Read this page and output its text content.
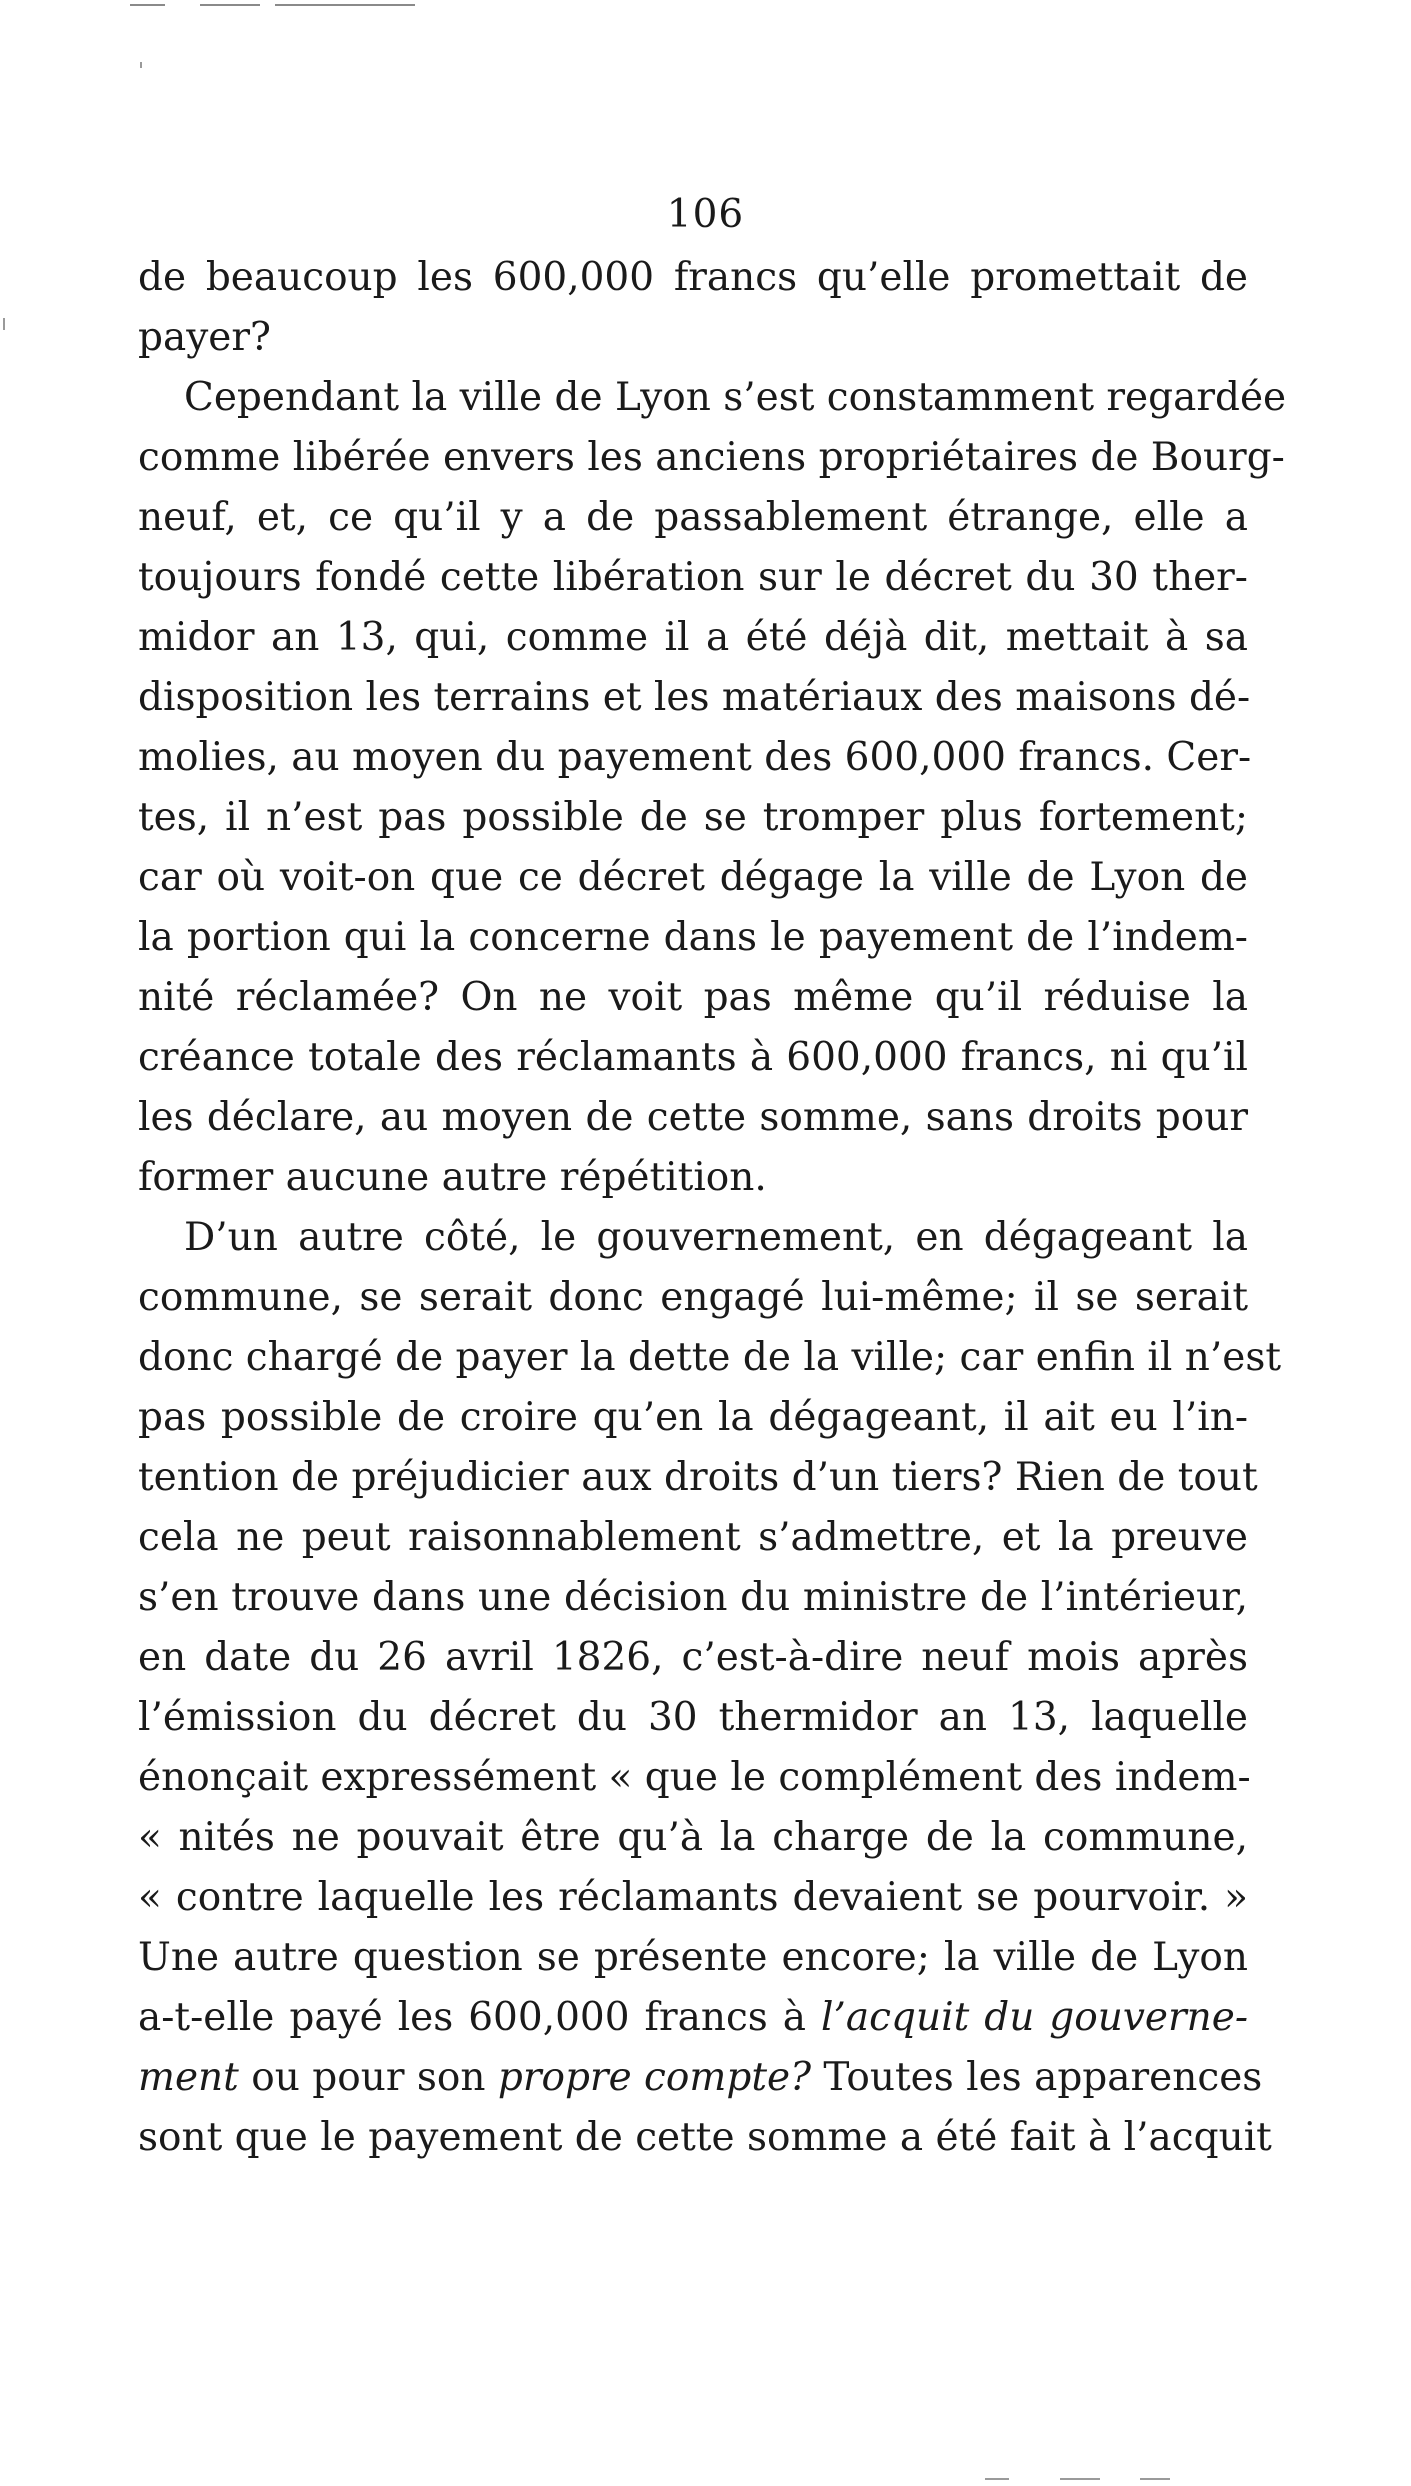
106
de beaucoup les 600,000 francs qu’elle promettait de
payer?
Cependant la ville de Lyon s’est constamment regardée
comme libérée envers les anciens propriétaires de Bourg-
neuf, et, ce qu’il y a de passablement étrange, elle a
toujours fondé cette libération sur le décret du 30 ther-
midor an 13, qui, comme il a été déjà dit, mettait à sa
disposition les terrains et les matériaux des maisons dé-
molies, au moyen du payement des 600,000 francs. Cer-
tes, il n’est pas possible de se tromper plus fortement;
car où voit-on que ce décret dégage la ville de Lyon de
la portion qui la concerne dans le payement de l’indem-
nité réclamée? On ne voit pas même qu’il réduise la
créance totale des réclamants à 600,000 francs, ni qu’il
les déclare, au moyen de cette somme, sans droits pour
former aucune autre répétition.
D’un autre côté, le gouvernement, en dégageant la
commune, se serait donc engagé lui-même; il se serait
donc chargé de payer la dette de la ville; car enfin il n’est
pas possible de croire qu’en la dégageant, il ait eu l’in-
tention de préjudicier aux droits d’un tiers? Rien de tout
cela ne peut raisonnablement s’admettre, et la preuve
s’en trouve dans une décision du ministre de l’intérieur,
en date du 26 avril 1826, c’est-à-dire neuf mois après
l’émission du décret du 30 thermidor an 13, laquelle
énonçait expressément « que le complément des indem-
« nités ne pouvait être qu’à la charge de la commune,
« contre laquelle les réclamants devaient se pourvoir. »
Une autre question se présente encore; la ville de Lyon
a-t-elle payé les 600,000 francs à l’acquit du gouverne-
ment ou pour son propre compte? Toutes les apparences
sont que le payement de cette somme a été fait à l’acquit
